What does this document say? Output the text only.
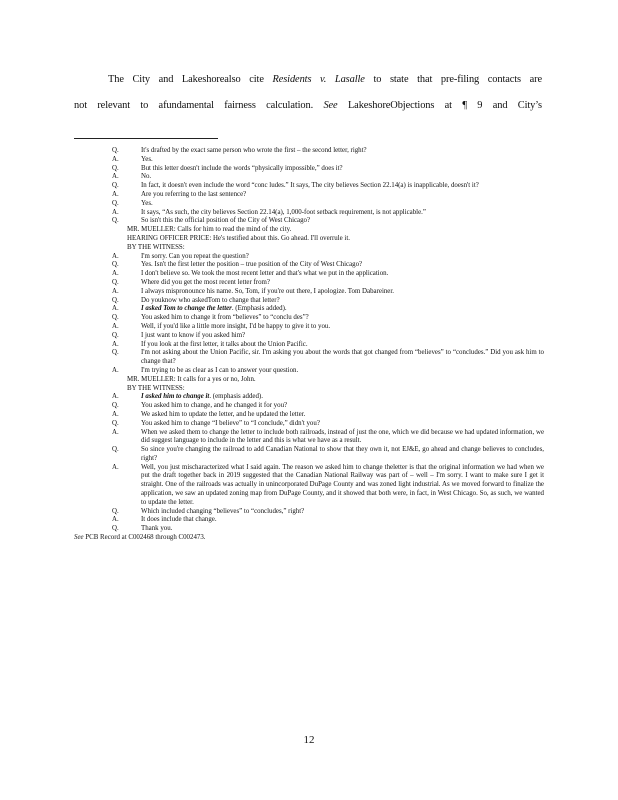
The City and Lakeshorealso cite Residents v. Lasalle to state that pre-filing contacts are
not relevant to afundamental fairness calculation. See LakeshoreObjections at ¶ 9 and City’s
Q.	It's drafted by the exact same person who wrote the first – the second letter, right?
A.	Yes.
Q.	But this letter doesn't include the words “physically impossible,” does it?
A.	No.
Q.	In fact, it doesn't even include the word “conc ludes.” It says, The city believes Section 22.14(a) is inapplicable, doesn't it?
A.	Are you referring to the last sentence?
Q.	Yes.
A.	It says, “As such, the city believes Section 22.14(a), 1,000-foot setback requirement, is not applicable.”
Q.	So isn't this the official position of the City of West Chicago?
MR. MUELLER: Calls for him to read the mind of the city.
HEARING OFFICER PRICE: He's testified about this. Go ahead. I'll overrule it.
BY THE WITNESS:
A.	I'm sorry. Can you repeat the question?
Q.	Yes. Isn't the first letter the position – true position of the City of West Chicago?
A.	I don't believe so. We took the most recent letter and that's what we put in the application.
Q.	Where did you get the most recent letter from?
A.	I always mispronounce his name. So, Tom, if you're out there, I apologize. Tom Dabareiner.
Q.	Do youknow who askedTom to change that letter?
A.	I asked Tom to change the letter. (Emphasis added).
Q.	You asked him to change it from “believes” to “conclu des”?
A.	Well, if you'd like a little more insight, I'd be happy to give it to you.
Q.	I just want to know if you asked him?
A.	If you look at the first letter, it talks about the Union Pacific.
Q.	I'm not asking about the Union Pacific, sir. I'm asking you about the words that got changed from “believes” to “concludes.” Did you ask him to change that?
A.	I'm trying to be as clear as I can to answer your question.
MR. MUELLER: It calls for a yes or no, John.
BY THE WITNESS:
A.	I asked him to change it. (emphasis added).
Q.	You asked him to change, and he changed it for you?
A.	We asked him to update the letter, and he updated the letter.
Q.	You asked him to change “I believe” to “I conclude,” didn't you?
A.	When we asked them to change the letter to include both railroads, instead of just the one, which we did because we had updated information, we did suggest language to include in the letter and this is what we have as a result.
Q.	So since you're changing the railroad to add Canadian National to show that they own it, not EJ&E, go ahead and change believes to concludes, right?
A.	Well, you just mischaracterized what I said again. The reason we asked him to change theletter is that the original information we had when we put the draft together back in 2019 suggested that the Canadian National Railway was part of – well – I'm sorry. I want to make sure I get it straight. One of the railroads was actually in unincorporated DuPage County and was zoned light industrial. As we moved forward to finalize the application, we saw an updated zoning map from DuPage County, and it showed that both were, in fact, in West Chicago. So, as such, we wanted to update the letter.
Q.	Which included changing “believes” to “concludes,” right?
A.	It does include that change.
Q.	Thank you.
See PCB Record at C002468 through C002473.
12
